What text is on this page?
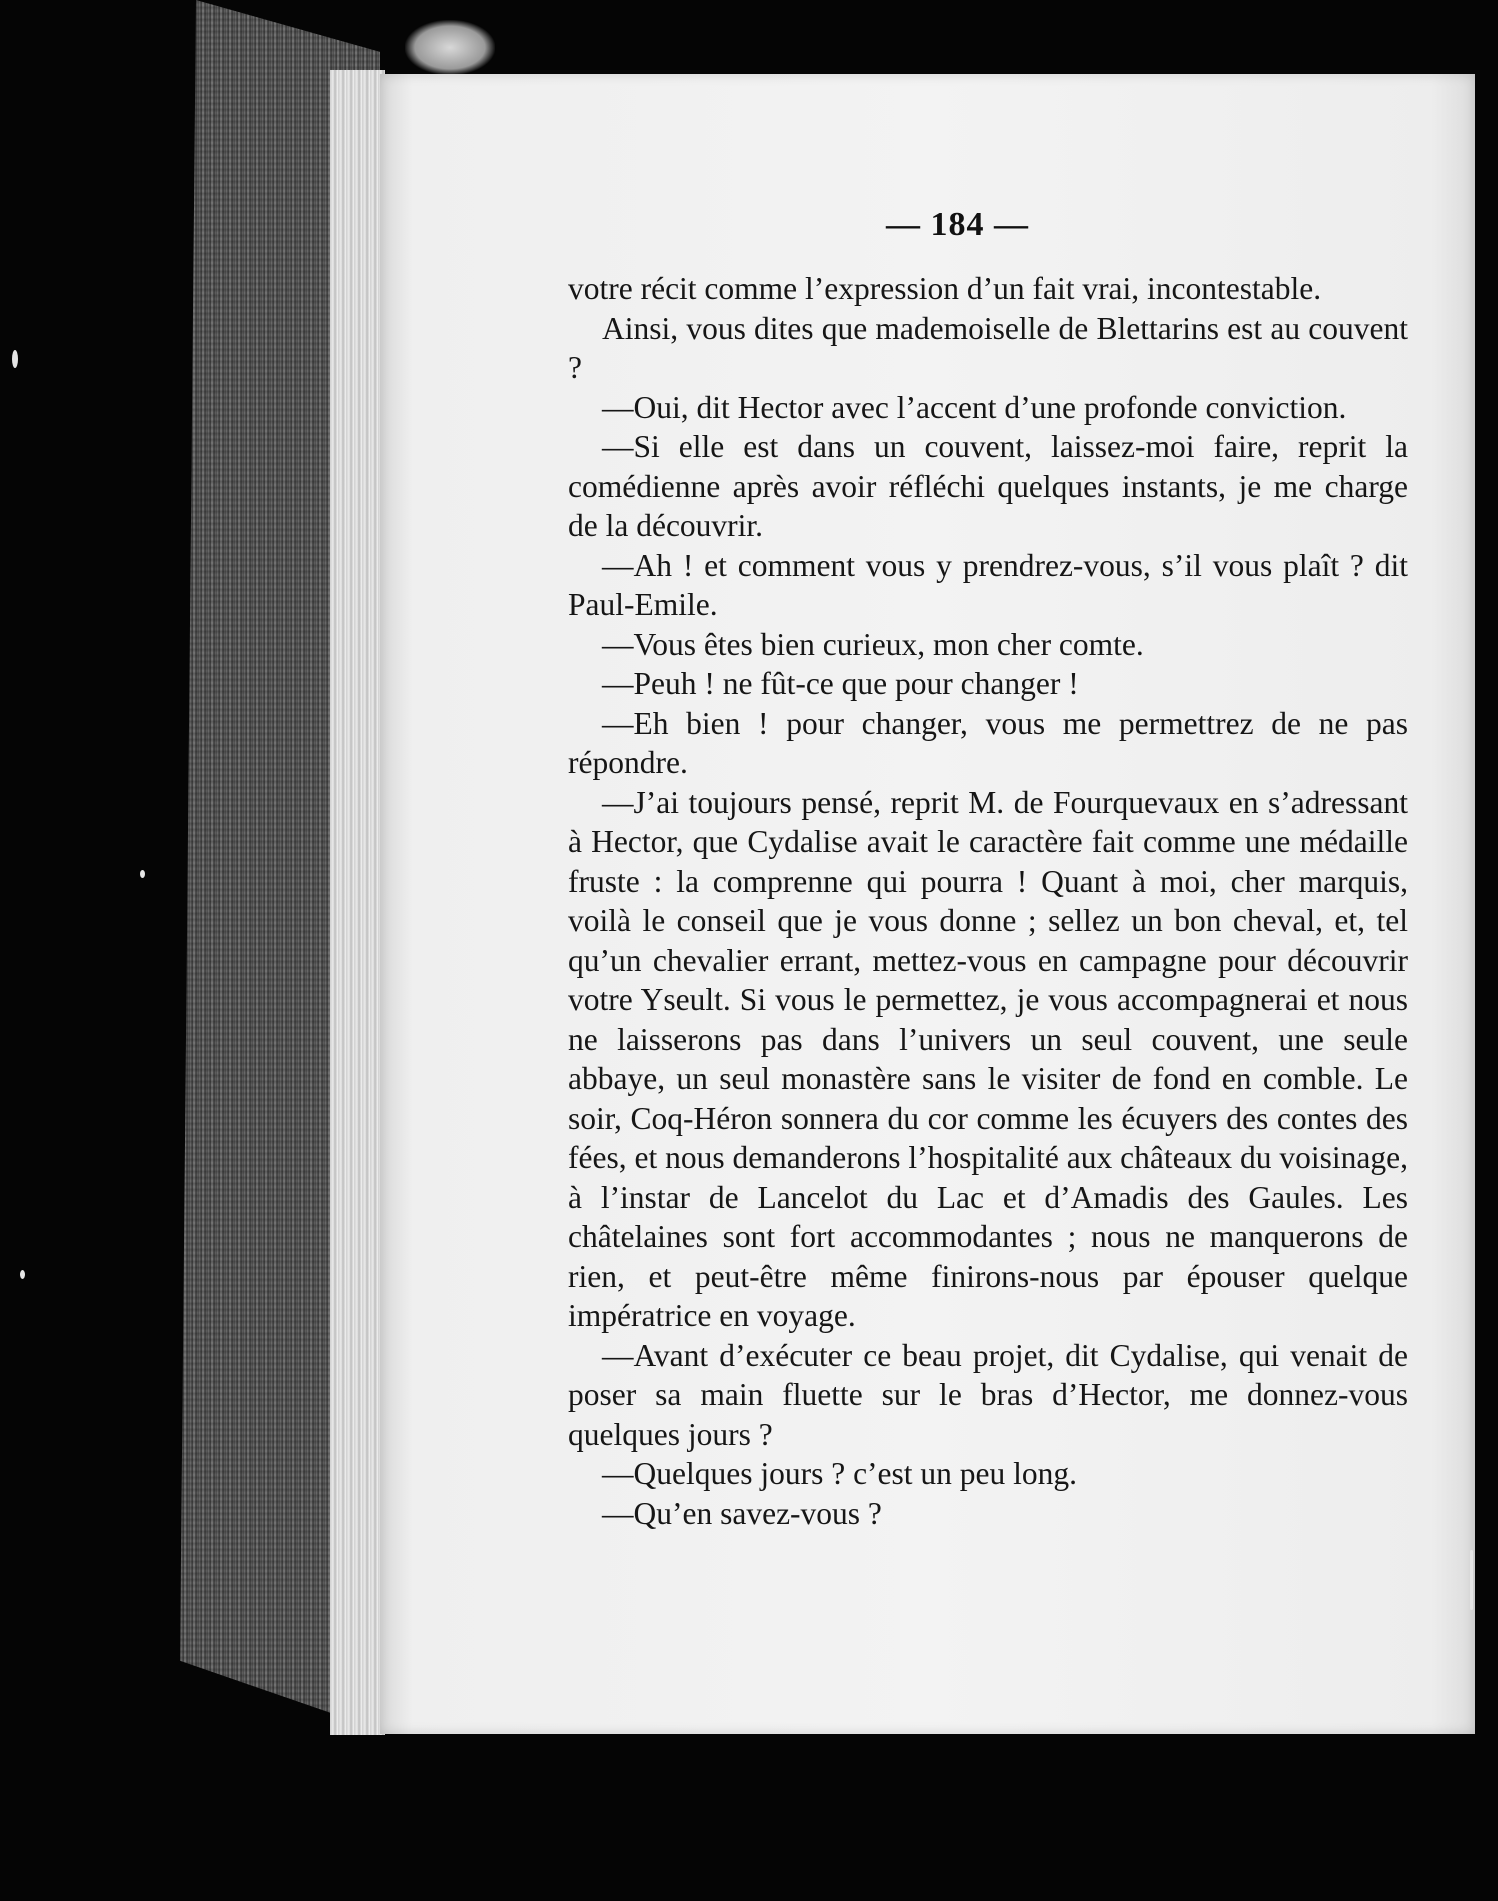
— 184 —

votre récit comme l’expression d’un fait vrai, incontestable.

Ainsi, vous dites que mademoiselle de Blettarins est au couvent ?

—Oui, dit Hector avec l’accent d’une profonde conviction.

—Si elle est dans un couvent, laissez-moi faire, reprit la comédienne après avoir réfléchi quelques instants, je me charge de la découvrir.

—Ah ! et comment vous y prendrez-vous, s’il vous plaît ? dit Paul-Emile.

—Vous êtes bien curieux, mon cher comte.

—Peuh ! ne fût-ce que pour changer !

—Eh bien ! pour changer, vous me permettrez de ne pas répondre.

—J’ai toujours pensé, reprit M. de Fourquevaux en s’adressant à Hector, que Cydalise avait le caractère fait comme une médaille fruste : la comprenne qui pourra ! Quant à moi, cher marquis, voilà le conseil que je vous donne ; sellez un bon cheval, et, tel qu’un chevalier errant, mettez-vous en campagne pour découvrir votre Yseult. Si vous le permettez, je vous accompagnerai et nous ne laisserons pas dans l’univers un seul couvent, une seule abbaye, un seul monastère sans le visiter de fond en comble. Le soir, Coq-Héron sonnera du cor comme les écuyers des contes des fées, et nous demanderons l’hospitalité aux châteaux du voisinage, à l’instar de Lancelot du Lac et d’Amadis des Gaules. Les châtelaines sont fort accommodantes ; nous ne manquerons de rien, et peut-être même finirons-nous par épouser quelque impératrice en voyage.

—Avant d’exécuter ce beau projet, dit Cydalise, qui venait de poser sa main fluette sur le bras d’Hector, me donnez-vous quelques jours ?

—Quelques jours ? c’est un peu long.

—Qu’en savez-vous ?
